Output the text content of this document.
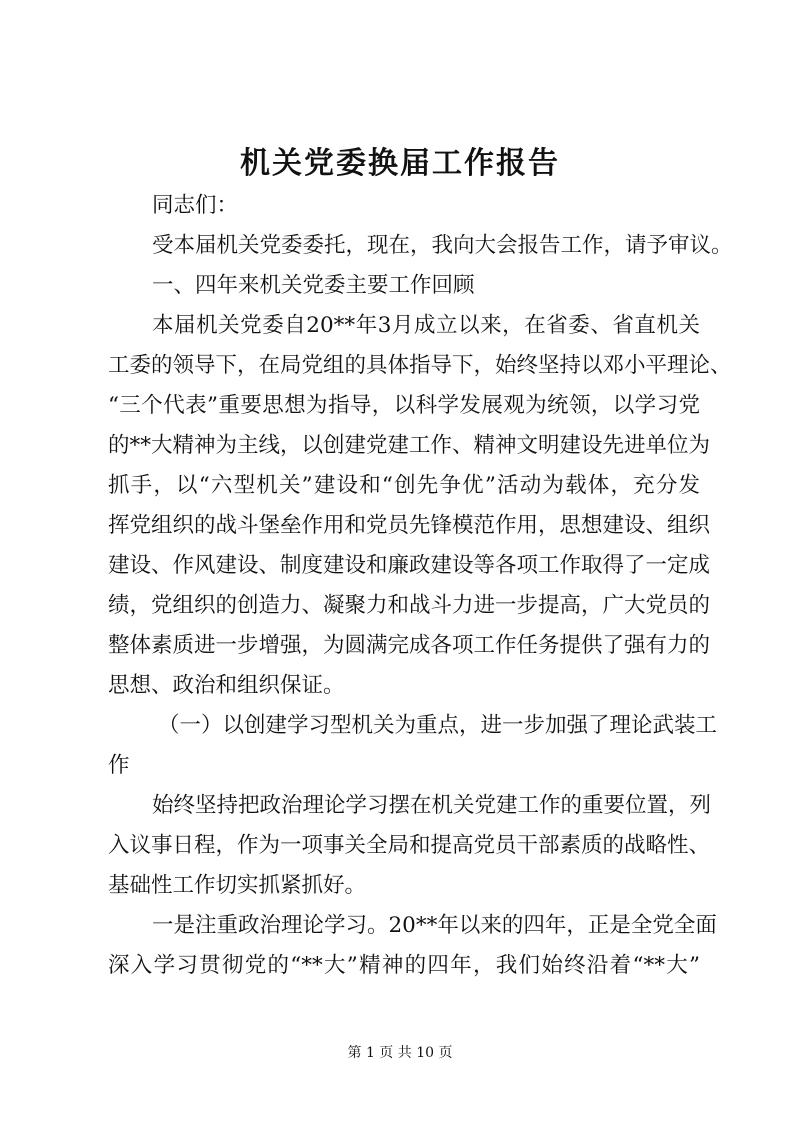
机关党委换届工作报告
同志们：
受本届机关党委委托，现在，我向大会报告工作，请予审议。
一、四年来机关党委主要工作回顾
本届机关党委自20**年3月成立以来，在省委、省直机关
工委的领导下，在局党组的具体指导下，始终坚持以邓小平理论、
“三个代表”重要思想为指导，以科学发展观为统领，以学习党
的**大精神为主线，以创建党建工作、精神文明建设先进单位为
抓手，以“六型机关”建设和“创先争优”活动为载体，充分发
挥党组织的战斗堡垒作用和党员先锋模范作用，思想建设、组织
建设、作风建设、制度建设和廉政建设等各项工作取得了一定成
绩，党组织的创造力、凝聚力和战斗力进一步提高，广大党员的
整体素质进一步增强，为圆满完成各项工作任务提供了强有力的
思想、政治和组织保证。
（一）以创建学习型机关为重点，进一步加强了理论武装工
作
始终坚持把政治理论学习摆在机关党建工作的重要位置，列
入议事日程，作为一项事关全局和提高党员干部素质的战略性、
基础性工作切实抓紧抓好。
一是注重政治理论学习。20**年以来的四年，正是全党全面
深入学习贯彻党的“**大”精神的四年，我们始终沿着“**大”
第 1 页 共 10 页
